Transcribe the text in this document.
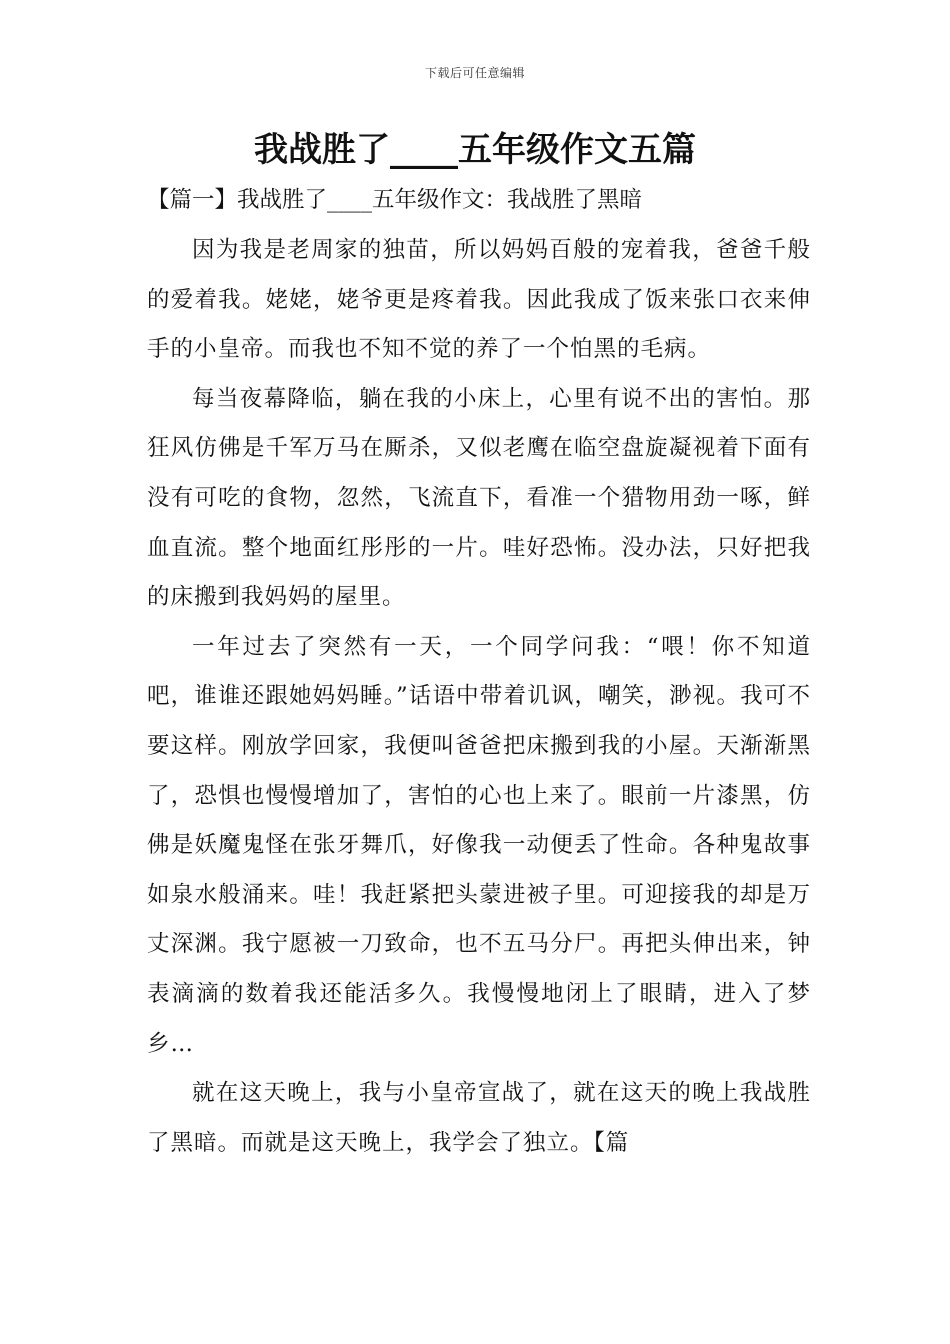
下载后可任意编辑
我战胜了____五年级作文五篇
【篇一】我战胜了____五年级作文：我战胜了黑暗

因为我是老周家的独苗，所以妈妈百般的宠着我，爸爸千般的爱着我。姥姥，姥爷更是疼着我。因此我成了饭来张口衣来伸手的小皇帝。而我也不知不觉的养了一个怕黑的毛病。

每当夜幕降临，躺在我的小床上，心里有说不出的害怕。那狂风仿佛是千军万马在厮杀，又似老鹰在临空盘旋凝视着下面有没有可吃的食物，忽然，飞流直下，看准一个猎物用劲一啄，鲜血直流。整个地面红彤彤的一片。哇好恐怖。没办法，只好把我的床搬到我妈妈的屋里。

一年过去了突然有一天，一个同学问我：“喂！你不知道吧，谁谁还跟她妈妈睡。”话语中带着讥讽，嘲笑，渺视。我可不要这样。刚放学回家，我便叫爸爸把床搬到我的小屋。天渐渐黑了，恐惧也慢慢增加了，害怕的心也上来了。眼前一片漆黑，仿佛是妖魔鬼怪在张牙舞爪，好像我一动便丢了性命。各种鬼故事如泉水般涌来。哇！我赶紧把头蒙进被子里。可迎接我的却是万丈深渊。我宁愿被一刀致命，也不五马分尸。再把头伸出来，钟表滴滴的数着我还能活多久。我慢慢地闭上了眼睛，进入了梦乡…

就在这天晚上，我与小皇帝宣战了，就在这天的晚上我战胜了黑暗。而就是这天晚上，我学会了独立。【篇
